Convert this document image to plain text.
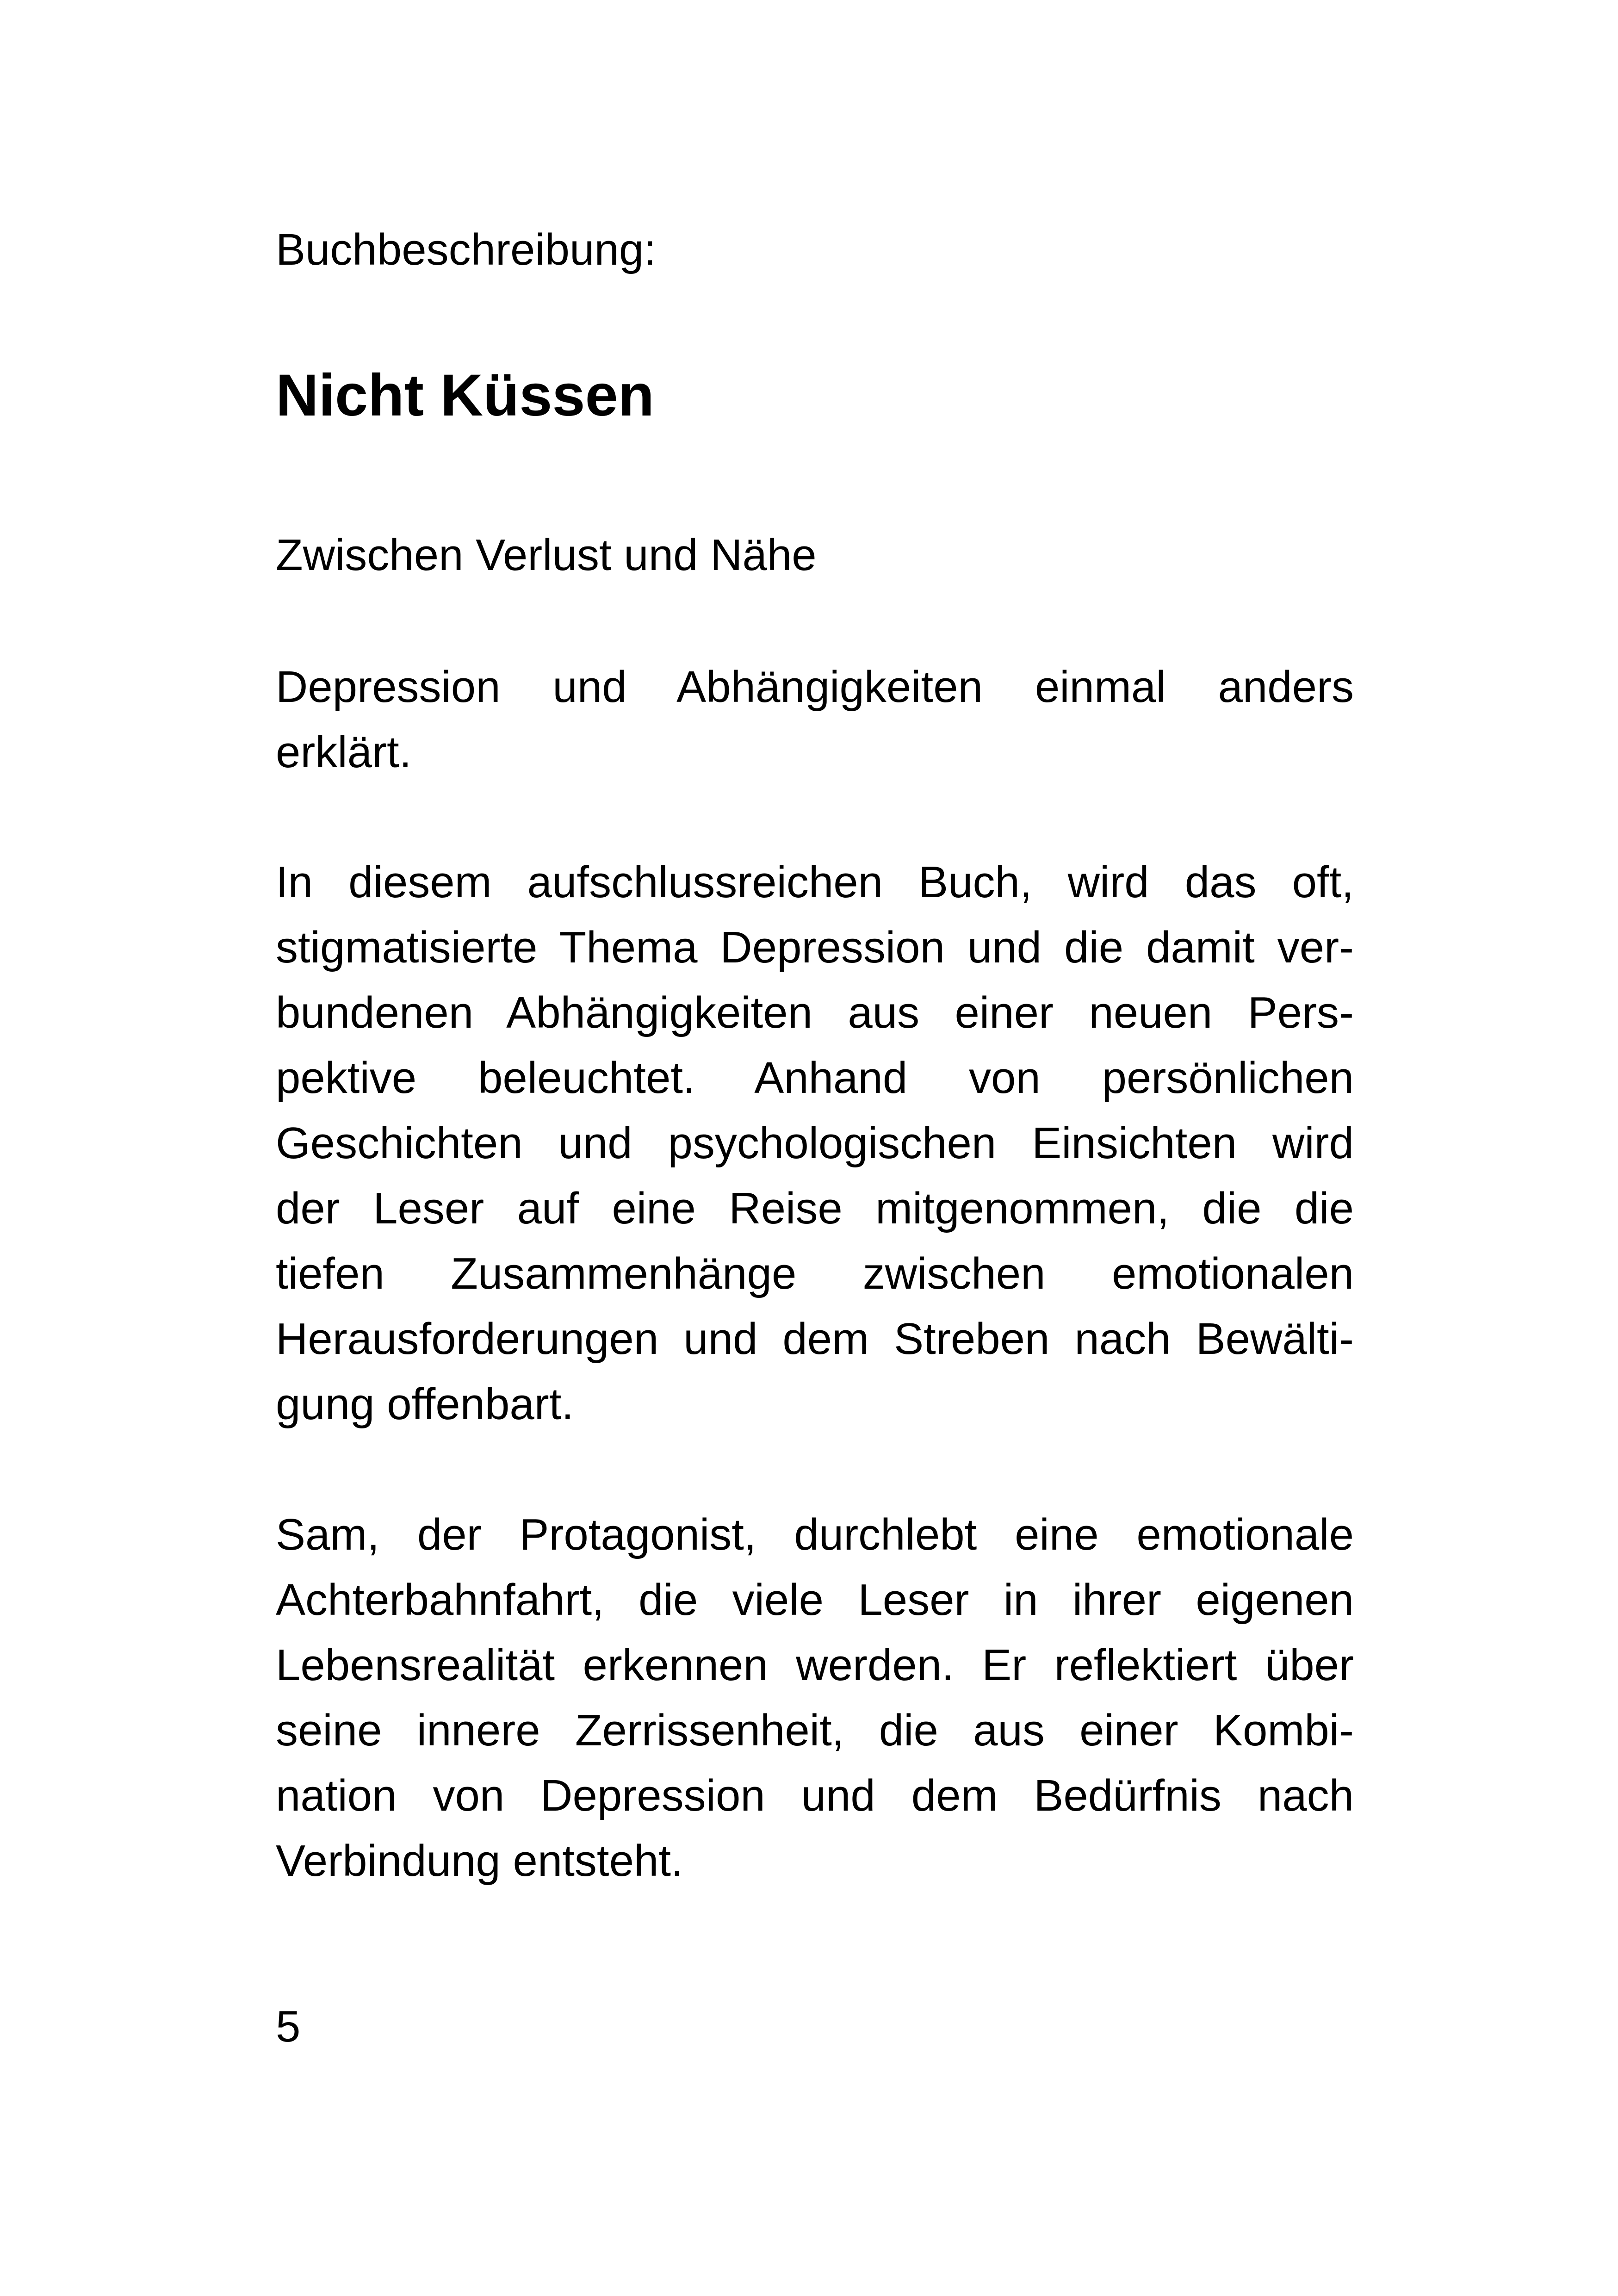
Buchbeschreibung:
Nicht Küssen
Zwischen Verlust und Nähe

Depression und Abhängigkeiten einmal anders
erklärt.

In diesem aufschlussreichen Buch, wird das oft,
stigmatisierte Thema Depression und die damit ver-
bundenen Abhängigkeiten aus einer neuen Pers-
pektive beleuchtet. Anhand von persönlichen
Geschichten und psychologischen Einsichten wird
der Leser auf eine Reise mitgenommen, die die
tiefen Zusammenhänge zwischen emotionalen
Herausforderungen und dem Streben nach Bewälti-
gung offenbart.

Sam, der Protagonist, durchlebt eine emotionale
Achterbahnfahrt, die viele Leser in ihrer eigenen
Lebensrealität erkennen werden. Er reflektiert über
seine innere Zerrissenheit, die aus einer Kombi-
nation von Depression und dem Bedürfnis nach
Verbindung entsteht.

5
